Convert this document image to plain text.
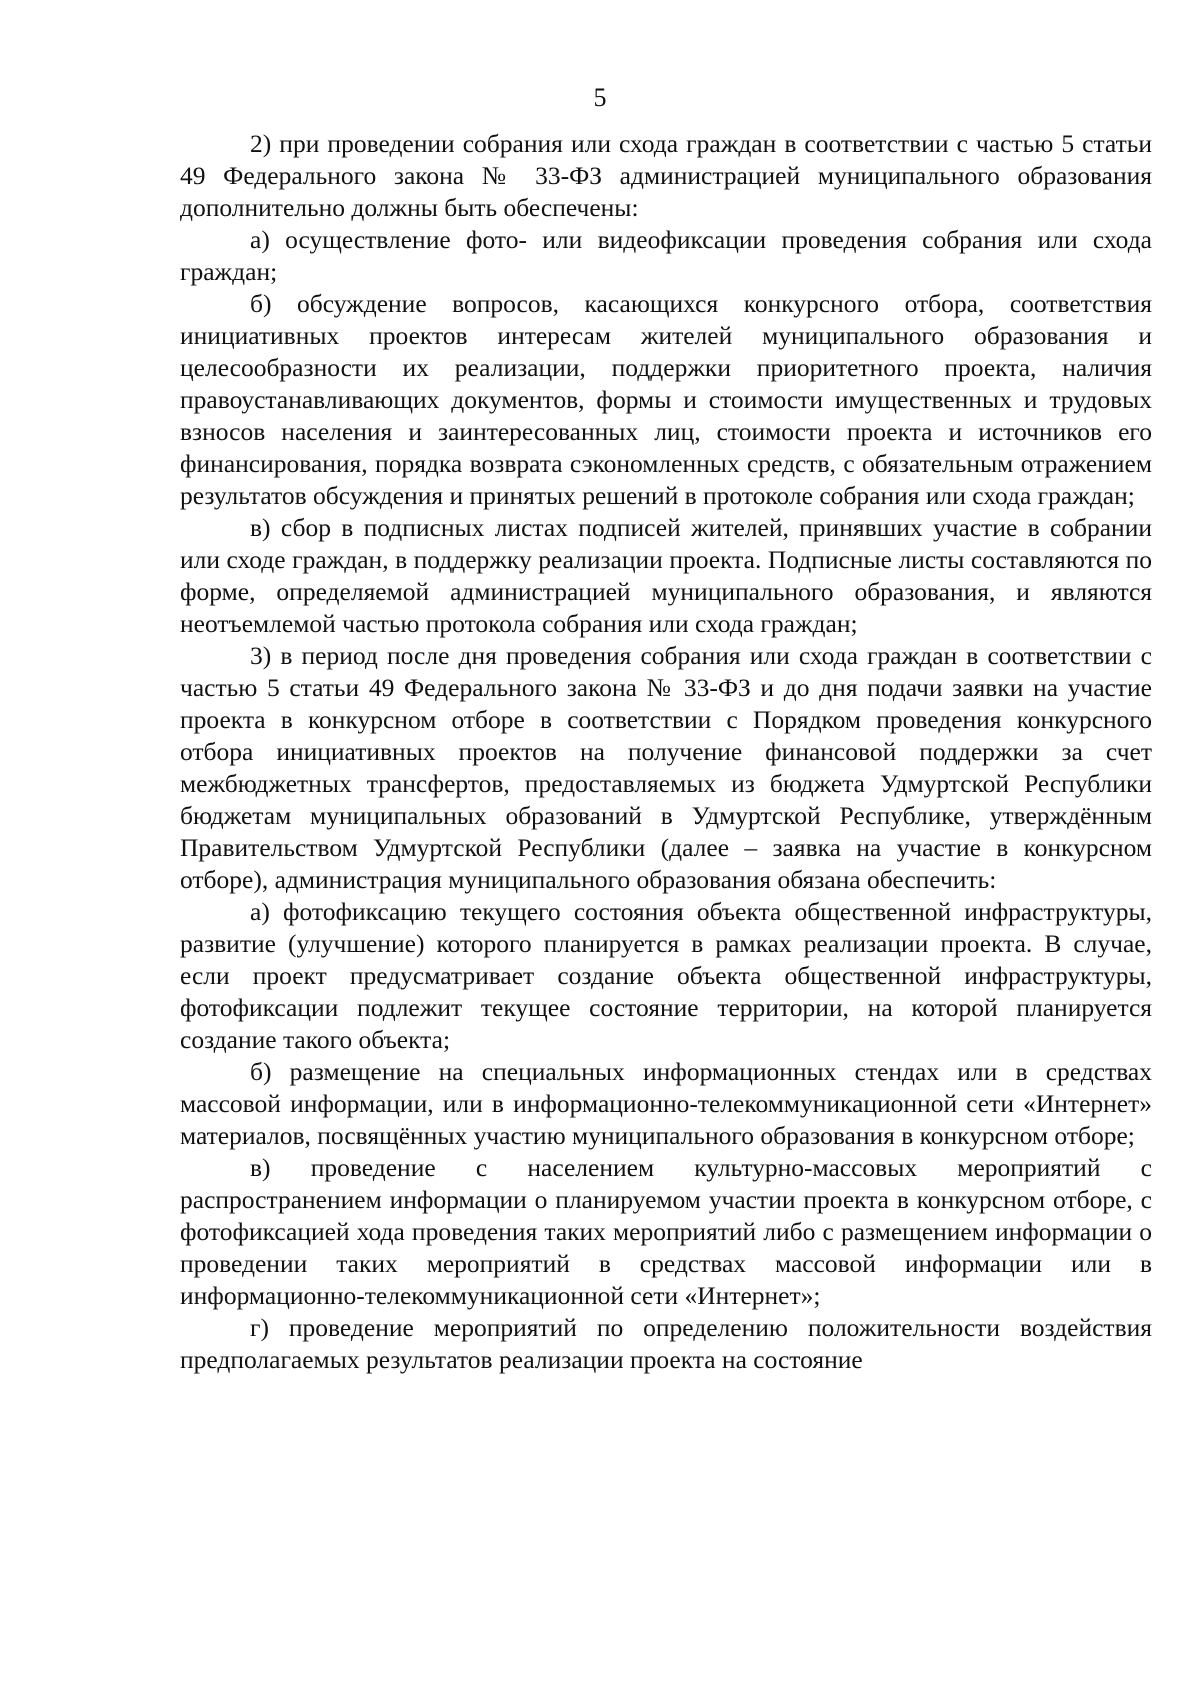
5

2) при проведении собрания или схода граждан в соответствии с частью 5 статьи 49 Федерального закона № 33-ФЗ администрацией муниципального образования дополнительно должны быть обеспечены:

а) осуществление фото- или видеофиксации проведения собрания или схода граждан;

б) обсуждение вопросов, касающихся конкурсного отбора, соответствия инициативных проектов интересам жителей муниципального образования и целесообразности их реализации, поддержки приоритетного проекта, наличия правоустанавливающих документов, формы и стоимости имущественных и трудовых взносов населения и заинтересованных лиц, стоимости проекта и источников его финансирования, порядка возврата сэкономленных средств, с обязательным отражением результатов обсуждения и принятых решений в протоколе собрания или схода граждан;

в) сбор в подписных листах подписей жителей, принявших участие в собрании или сходе граждан, в поддержку реализации проекта. Подписные листы составляются по форме, определяемой администрацией муниципального образования, и являются неотъемлемой частью протокола собрания или схода граждан;

3) в период после дня проведения собрания или схода граждан в соответствии с частью 5 статьи 49 Федерального закона № 33-ФЗ и до дня подачи заявки на участие проекта в конкурсном отборе в соответствии с Порядком проведения конкурсного отбора инициативных проектов на получение финансовой поддержки за счет межбюджетных трансфертов, предоставляемых из бюджета Удмуртской Республики бюджетам муниципальных образований в Удмуртской Республике, утверждённым Правительством Удмуртской Республики (далее – заявка на участие в конкурсном отборе), администрация муниципального образования обязана обеспечить:

а) фотофиксацию текущего состояния объекта общественной инфраструктуры, развитие (улучшение) которого планируется в рамках реализации проекта. В случае, если проект предусматривает создание объекта общественной инфраструктуры, фотофиксации подлежит текущее состояние территории, на которой планируется создание такого объекта;

б) размещение на специальных информационных стендах или в средствах массовой информации, или в информационно-телекоммуникационной сети «Интернет» материалов, посвящённых участию муниципального образования в конкурсном отборе;

в) проведение с населением культурно-массовых мероприятий с распространением информации о планируемом участии проекта в конкурсном отборе, с фотофиксацией хода проведения таких мероприятий либо с размещением информации о проведении таких мероприятий в средствах массовой информации или в информационно-телекоммуникационной сети «Интернет»;

г) проведение мероприятий по определению положительности воздействия предполагаемых результатов реализации проекта на состояние
